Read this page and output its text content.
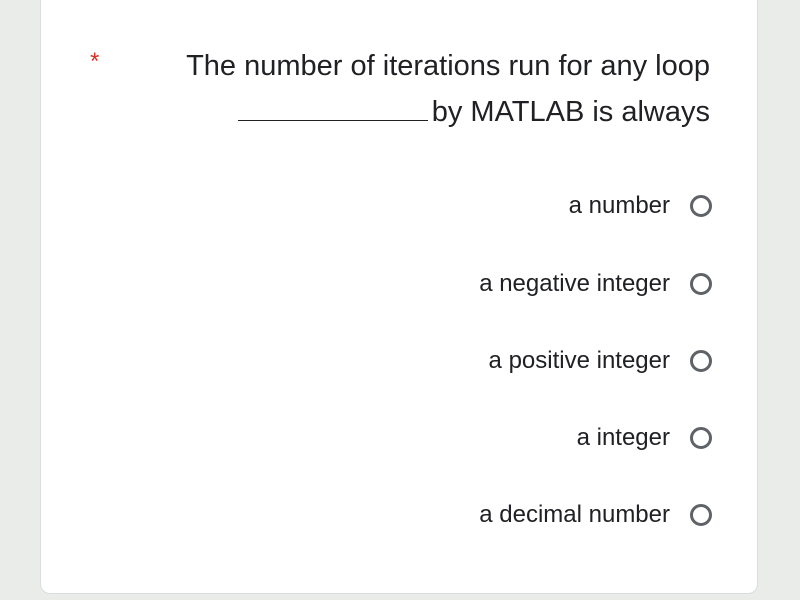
*	The number of iterations run for any loop
by MATLAB is always
a number
a negative integer
a positive integer
a integer
a decimal number
